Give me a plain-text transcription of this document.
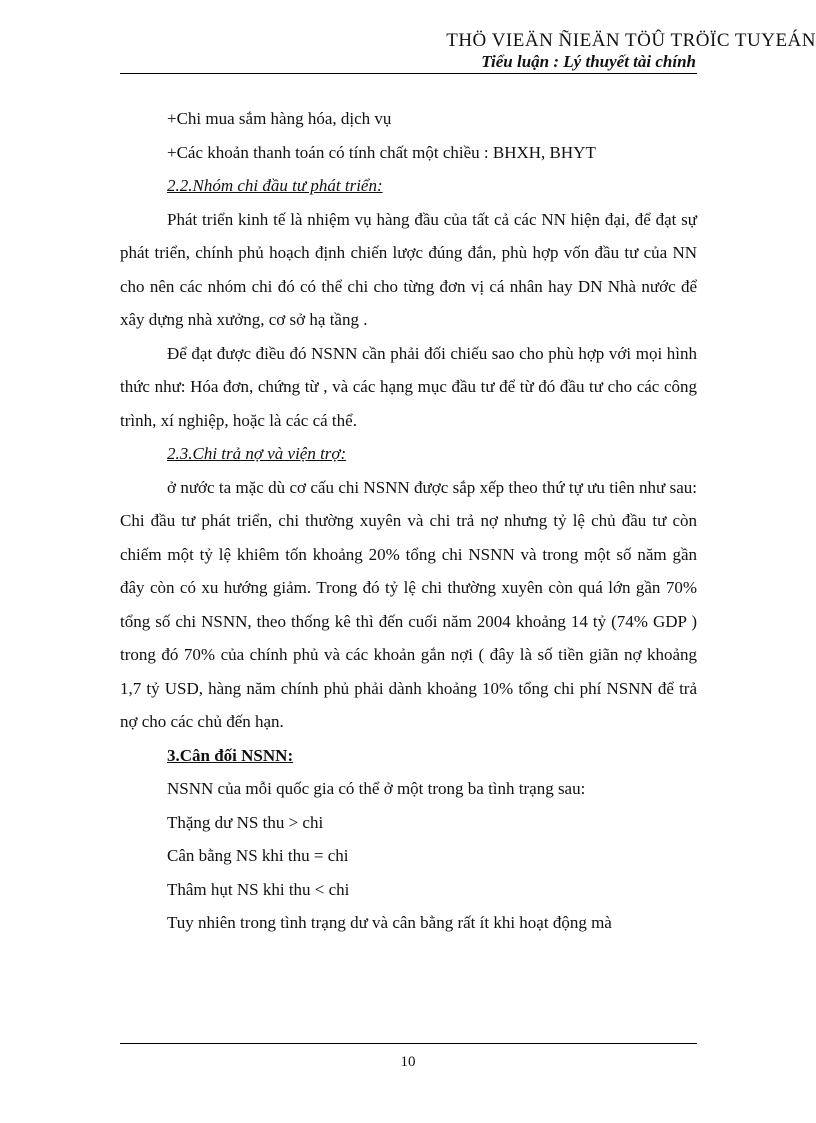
THÖ VIEÄN ÑIEÄN TÖÛ TRÖÏC TUYEÁN
Tiểu luận : Lý thuyết tài chính

+Chi mua sắm hàng hóa, dịch vụ

+Các khoản thanh toán có tính chất một chiều : BHXH, BHYT

2.2.Nhóm chi đầu tư phát triển:

Phát triển kinh tế là nhiệm vụ hàng đầu của tất cả các NN hiện đại, để đạt sự phát triển, chính phủ hoạch định chiến lược đúng đắn, phù hợp vốn đầu tư của NN cho nên các nhóm chi đó có thể chi cho từng đơn vị cá nhân hay DN Nhà nước để xây dựng nhà xưởng, cơ sở hạ tầng .

Để đạt được điều đó NSNN cần phải đối chiếu sao cho phù hợp với mọi hình thức như: Hóa đơn, chứng từ , và các hạng mục đầu tư để từ đó đầu tư cho các công trình, xí nghiệp, hoặc là các cá thể.

2.3.Chi trả nợ và viện trợ:

ở nước ta mặc dù cơ cấu chi NSNN được sắp xếp theo thứ tự ưu tiên như sau: Chi đầu tư phát triển, chi thường xuyên và chi trả nợ nhưng tỷ lệ chủ đầu tư còn chiếm một tỷ lệ khiêm tốn khoảng 20% tổng chi NSNN và trong một số năm gần đây còn có xu hướng giảm. Trong đó tỷ lệ chi thường xuyên còn quá lớn gần 70% tổng số chi NSNN, theo thống kê thì đến cuối năm 2004 khoảng 14 tỷ (74% GDP ) trong đó 70% của chính phủ và các khoản gắn nợi ( đây là số tiền giãn nợ khoảng 1,7 tỷ USD, hàng năm chính phủ phải dành khoảng 10% tổng chi phí NSNN để trả nợ cho các chủ đến hạn.

3.Cân đối NSNN:

NSNN của mỗi quốc gia có thể ở một trong ba tình trạng sau:

Thặng dư NS thu > chi

Cân bằng NS khi thu = chi

Thâm hụt NS khi thu < chi

Tuy nhiên trong tình trạng dư và cân bằng rất ít khi hoạt động mà

10
